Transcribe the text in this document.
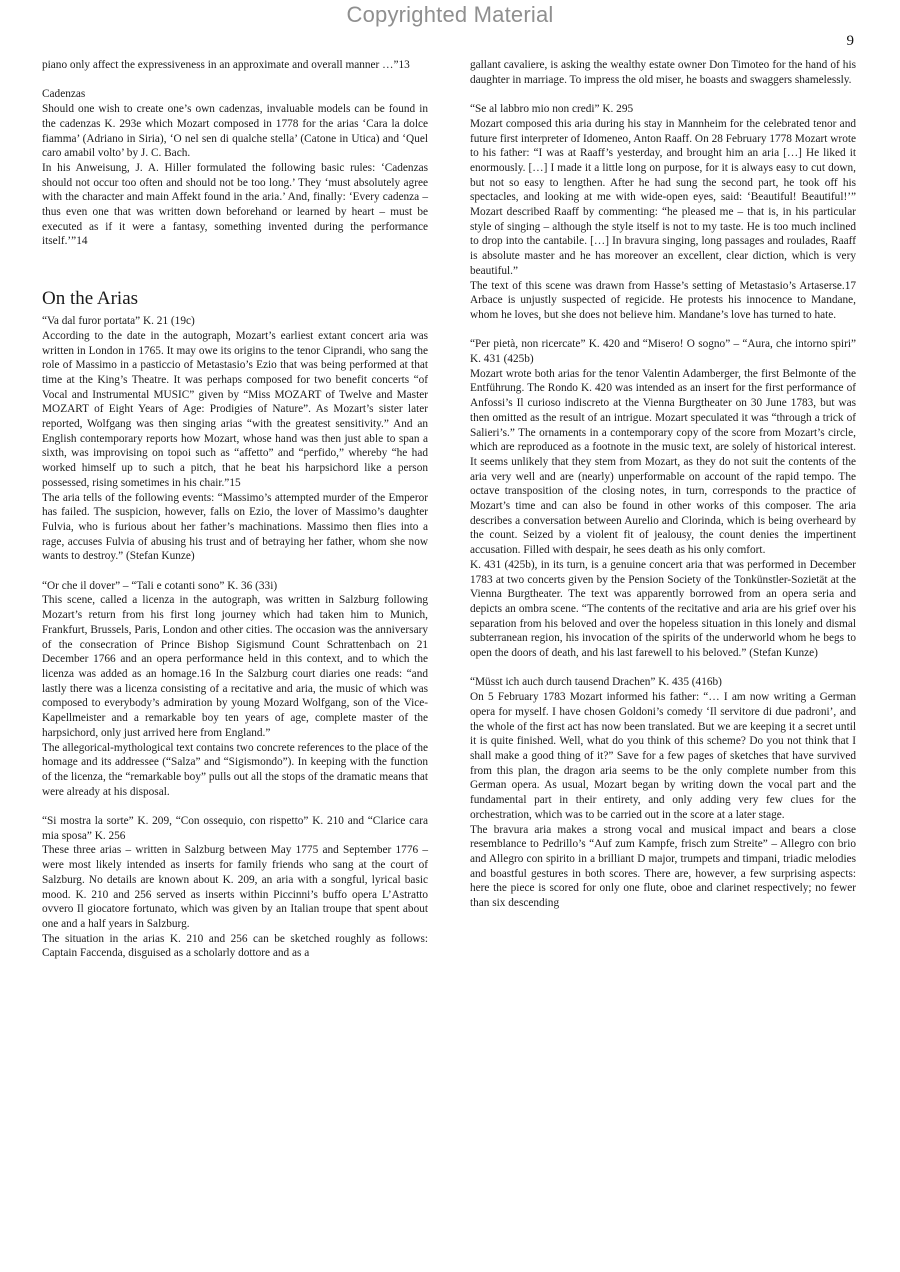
Copyrighted Material
9

piano only affect the expressiveness in an approximate and overall manner …”13

Cadenzas

Should one wish to create one’s own cadenzas, invaluable models can be found in the cadenzas K. 293e which Mozart composed in 1778 for the arias ‘Cara la dolce fiamma’ (Adriano in Siria), ‘O nel sen di qualche stella’ (Catone in Utica) and ‘Quel caro amabil volto’ by J. C. Bach.

In his Anweisung, J. A. Hiller formulated the following basic rules: ‘Cadenzas should not occur too often and should not be too long.’ They ‘must absolutely agree with the character and main Affekt found in the aria.’ And, finally: ‘Every cadenza – thus even one that was written down beforehand or learned by heart – must be executed as if it were a fantasy, something invented during the performance itself.’”14

On the Arias

“Va dal furor portata” K. 21 (19c)

According to the date in the autograph, Mozart’s earliest extant concert aria was written in London in 1765. It may owe its origins to the tenor Ciprandi, who sang the role of Massimo in a pasticcio of Metastasio’s Ezio that was being performed at that time at the King’s Theatre. It was perhaps composed for two benefit concerts “of Vocal and Instrumental MUSIC” given by “Miss MOZART of Twelve and Master MOZART of Eight Years of Age: Prodigies of Nature”. As Mozart’s sister later reported, Wolfgang was then singing arias “with the greatest sensitivity.” And an English contemporary reports how Mozart, whose hand was then just able to span a sixth, was improvising on topoi such as “affetto” and “perfido,” whereby “he had worked himself up to such a pitch, that he beat his harpsichord like a person possessed, rising sometimes in his chair.”15

The aria tells of the following events: “Massimo’s attempted murder of the Emperor has failed. The suspicion, however, falls on Ezio, the lover of Massimo’s daughter Fulvia, who is furious about her father’s machinations. Massimo then flies into a rage, accuses Fulvia of abusing his trust and of betraying her father, whom she now wants to destroy.” (Stefan Kunze)

“Or che il dover” – “Tali e cotanti sono” K. 36 (33i)

This scene, called a licenza in the autograph, was written in Salzburg following Mozart’s return from his first long journey which had taken him to Munich, Frankfurt, Brussels, Paris, London and other cities. The occasion was the anniversary of the consecration of Prince Bishop Sigismund Count Schrattenbach on 21 December 1766 and an opera performance held in this context, and to which the licenza was added as an homage.16 In the Salzburg court diaries one reads: “and lastly there was a licenza consisting of a recitative and aria, the music of which was composed to everybody’s admiration by young Mozard Wolfgang, son of the Vice-Kapellmeister and a remarkable boy ten years of age, complete master of the harpsichord, only just arrived here from England.”

The allegorical-mythological text contains two concrete references to the place of the homage and its addressee (“Salza” and “Sigismondo”). In keeping with the function of the licenza, the “remarkable boy” pulls out all the stops of the dramatic means that were already at his disposal.

“Si mostra la sorte” K. 209, “Con ossequio, con rispetto” K. 210 and “Clarice cara mia sposa” K. 256

These three arias – written in Salzburg between May 1775 and September 1776 – were most likely intended as inserts for family friends who sang at the court of Salzburg. No details are known about K. 209, an aria with a songful, lyrical basic mood. K. 210 and 256 served as inserts within Piccinni’s buffo opera L’Astratto ovvero Il giocatore fortunato, which was given by an Italian troupe that spent about one and a half years in Salzburg.

The situation in the arias K. 210 and 256 can be sketched roughly as follows: Captain Faccenda, disguised as a scholarly dottore and as a

gallant cavaliere, is asking the wealthy estate owner Don Timoteo for the hand of his daughter in marriage. To impress the old miser, he boasts and swaggers shamelessly.

“Se al labbro mio non credi” K. 295

Mozart composed this aria during his stay in Mannheim for the celebrated tenor and future first interpreter of Idomeneo, Anton Raaff. On 28 February 1778 Mozart wrote to his father: “I was at Raaff’s yesterday, and brought him an aria […] He liked it enormously. […] I made it a little long on purpose, for it is always easy to cut down, but not so easy to lengthen. After he had sung the second part, he took off his spectacles, and looking at me with wide-open eyes, said: ‘Beautiful! Beautiful!’” Mozart described Raaff by commenting: “he pleased me – that is, in his particular style of singing – although the style itself is not to my taste. He is too much inclined to drop into the cantabile. […] In bravura singing, long passages and roulades, Raaff is absolute master and he has moreover an excellent, clear diction, which is very beautiful.”

The text of this scene was drawn from Hasse’s setting of Metastasio’s Artaserse.17 Arbace is unjustly suspected of regicide. He protests his innocence to Mandane, whom he loves, but she does not believe him. Mandane’s love has turned to hate.

“Per pietà, non ricercate” K. 420 and “Misero! O sogno” – “Aura, che intorno spiri” K. 431 (425b)

Mozart wrote both arias for the tenor Valentin Adamberger, the first Belmonte of the Entführung. The Rondo K. 420 was intended as an insert for the first performance of Anfossi’s Il curioso indiscreto at the Vienna Burgtheater on 30 June 1783, but was then omitted as the result of an intrigue. Mozart speculated it was “through a trick of Salieri’s.” The ornaments in a contemporary copy of the score from Mozart’s circle, which are reproduced as a footnote in the music text, are solely of historical interest. It seems unlikely that they stem from Mozart, as they do not suit the contents of the aria very well and are (nearly) unperformable on account of the rapid tempo. The octave transposition of the closing notes, in turn, corresponds to the practice of Mozart’s time and can also be found in other works of this composer. The aria describes a conversation between Aurelio and Clorinda, which is being overheard by the count. Seized by a violent fit of jealousy, the count denies the impertinent accusation. Filled with despair, he sees death as his only comfort.

K. 431 (425b), in its turn, is a genuine concert aria that was performed in December 1783 at two concerts given by the Pension Society of the Tonkünstler-Sozietät at the Vienna Burgtheater. The text was apparently borrowed from an opera seria and depicts an ombra scene. “The contents of the recitative and aria are his grief over his separation from his beloved and over the hopeless situation in this lonely and dismal subterranean region, his invocation of the spirits of the underworld whom he begs to open the doors of death, and his last farewell to his beloved.” (Stefan Kunze)

“Müsst ich auch durch tausend Drachen” K. 435 (416b)

On 5 February 1783 Mozart informed his father: “… I am now writing a German opera for myself. I have chosen Goldoni’s comedy ‘Il servitore di due padroni’, and the whole of the first act has now been translated. But we are keeping it a secret until it is quite finished. Well, what do you think of this scheme? Do you not think that I shall make a good thing of it?” Save for a few pages of sketches that have survived from this plan, the dragon aria seems to be the only complete number from this German opera. As usual, Mozart began by writing down the vocal part and the fundamental part in their entirety, and only adding very few clues for the orchestration, which was to be carried out in the score at a later stage.

The bravura aria makes a strong vocal and musical impact and bears a close resemblance to Pedrillo’s “Auf zum Kampfe, frisch zum Streite” – Allegro con brio and Allegro con spirito in a brilliant D major, trumpets and timpani, triadic melodies and boastful gestures in both scores. There are, however, a few surprising aspects: here the piece is scored for only one flute, oboe and clarinet respectively; no fewer than six descending
